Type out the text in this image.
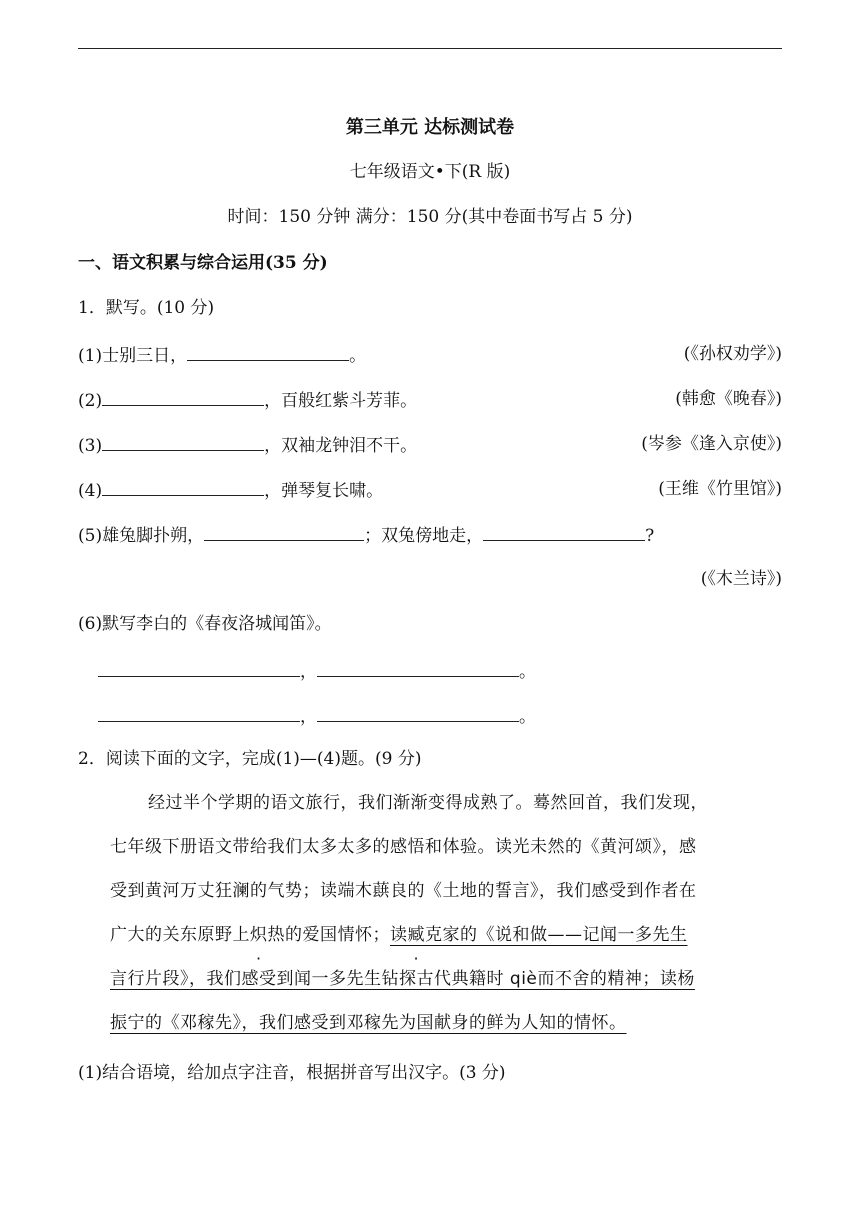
第三单元 达标测试卷
七年级语文•下(R 版)
时间：150 分钟 满分：150 分(其中卷面书写占 5 分)
一、语文积累与综合运用(35 分)
1．默写。(10 分)
(1)士别三日，	。	(《孙权劝学》)
(2)	，百般红紫斗芳菲。	(韩愈《晚春》)
(3)	，双袖龙钟泪不干。	(岑参《逢入京使》)
(4)	，弹琴复长啸。	(王维《竹里馆》)
(5)雄兔脚扑朔，	；双兔傍地走，	?
(《木兰诗》)
(6)默写李白的《春夜洛城闻笛》。
，	。
，	。
2．阅读下面的文字，完成(1)—(4)题。(9 分)
经过半个学期的语文旅行，我们渐渐变得成熟了。蓦然回首，我们发现，
七年级下册语文带给我们太多太多的感悟和体验。读光未然的《黄河颂》，感
受到黄河万丈狂澜的气势；读端木蕻良的《土地的誓言》，我们感受到作者在
广大的关东原野上炽热的爱国情怀；读臧克家的《说和做——记闻一多先生
言行片段》，我们感受到闻一多先生钻探古代典籍时 qiè而不舍的精神；读杨
振宁的《邓稼先》，我们感受到邓稼先为国献身的鲜为人知的情怀。
(1)结合语境，给加点字注音，根据拼音写出汉字。(3 分)
